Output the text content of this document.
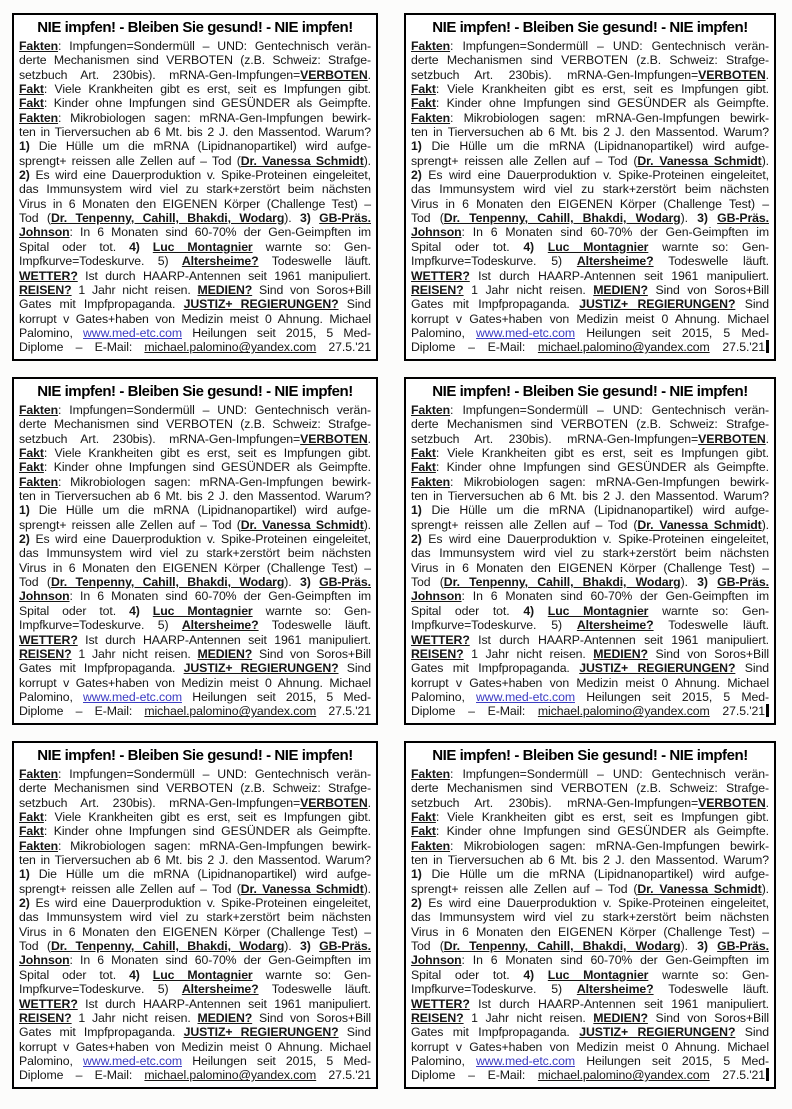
NIE impfen! - Bleiben Sie gesund! - NIE impfen!
Fakten: Impfungen=Sondermüll – UND: Gentechnisch verän-
derte Mechanismen sind VERBOTEN (z.B. Schweiz: Strafge-
setzbuch Art. 230bis). mRNA-Gen-Impfungen=VERBOTEN.
Fakt: Viele Krankheiten gibt es erst, seit es Impfungen gibt.
Fakt: Kinder ohne Impfungen sind GESÜNDER als Geimpfte.
Fakten: Mikrobiologen sagen: mRNA-Gen-Impfungen bewirk-
ten in Tierversuchen ab 6 Mt. bis 2 J. den Massentod. Warum?
1) Die Hülle um die mRNA (Lipidnanopartikel) wird aufge-
sprengt+ reissen alle Zellen auf – Tod (Dr. Vanessa Schmidt).
2) Es wird eine Dauerproduktion v. Spike-Proteinen eingeleitet,
das Immunsystem wird viel zu stark+zerstört beim nächsten
Virus in 6 Monaten den EIGENEN Körper (Challenge Test) –
Tod (Dr. Tenpenny, Cahill, Bhakdi, Wodarg). 3) GB-Präs.
Johnson: In 6 Monaten sind 60-70% der Gen-Geimpften im
Spital oder tot. 4) Luc Montagnier warnte so: Gen-
Impfkurve=Todeskurve. 5) Altersheime? Todeswelle läuft.
WETTER? Ist durch HAARP-Antennen seit 1961 manipuliert.
REISEN? 1 Jahr nicht reisen. MEDIEN? Sind von Soros+Bill
Gates mit Impfpropaganda. JUSTIZ+ REGIERUNGEN? Sind
korrupt v Gates+haben von Medizin meist 0 Ahnung. Michael
Palomino, www.med-etc.com Heilungen seit 2015, 5 Med-
Diplome – E-Mail: michael.palomino@yandex.com 27.5.'21
NIE impfen! - Bleiben Sie gesund! - NIE impfen!
Fakten: Impfungen=Sondermüll – UND: Gentechnisch verän-
derte Mechanismen sind VERBOTEN (z.B. Schweiz: Strafge-
setzbuch Art. 230bis). mRNA-Gen-Impfungen=VERBOTEN.
Fakt: Viele Krankheiten gibt es erst, seit es Impfungen gibt.
Fakt: Kinder ohne Impfungen sind GESÜNDER als Geimpfte.
Fakten: Mikrobiologen sagen: mRNA-Gen-Impfungen bewirk-
ten in Tierversuchen ab 6 Mt. bis 2 J. den Massentod. Warum?
1) Die Hülle um die mRNA (Lipidnanopartikel) wird aufge-
sprengt+ reissen alle Zellen auf – Tod (Dr. Vanessa Schmidt).
2) Es wird eine Dauerproduktion v. Spike-Proteinen eingeleitet,
das Immunsystem wird viel zu stark+zerstört beim nächsten
Virus in 6 Monaten den EIGENEN Körper (Challenge Test) –
Tod (Dr. Tenpenny, Cahill, Bhakdi, Wodarg). 3) GB-Präs.
Johnson: In 6 Monaten sind 60-70% der Gen-Geimpften im
Spital oder tot. 4) Luc Montagnier warnte so: Gen-
Impfkurve=Todeskurve. 5) Altersheime? Todeswelle läuft.
WETTER? Ist durch HAARP-Antennen seit 1961 manipuliert.
REISEN? 1 Jahr nicht reisen. MEDIEN? Sind von Soros+Bill
Gates mit Impfpropaganda. JUSTIZ+ REGIERUNGEN? Sind
korrupt v Gates+haben von Medizin meist 0 Ahnung. Michael
Palomino, www.med-etc.com Heilungen seit 2015, 5 Med-
Diplome – E-Mail: michael.palomino@yandex.com 27.5.'21
NIE impfen! - Bleiben Sie gesund! - NIE impfen!
Fakten: Impfungen=Sondermüll – UND: Gentechnisch verän-
derte Mechanismen sind VERBOTEN (z.B. Schweiz: Strafge-
setzbuch Art. 230bis). mRNA-Gen-Impfungen=VERBOTEN.
Fakt: Viele Krankheiten gibt es erst, seit es Impfungen gibt.
Fakt: Kinder ohne Impfungen sind GESÜNDER als Geimpfte.
Fakten: Mikrobiologen sagen: mRNA-Gen-Impfungen bewirk-
ten in Tierversuchen ab 6 Mt. bis 2 J. den Massentod. Warum?
1) Die Hülle um die mRNA (Lipidnanopartikel) wird aufge-
sprengt+ reissen alle Zellen auf – Tod (Dr. Vanessa Schmidt).
2) Es wird eine Dauerproduktion v. Spike-Proteinen eingeleitet,
das Immunsystem wird viel zu stark+zerstört beim nächsten
Virus in 6 Monaten den EIGENEN Körper (Challenge Test) –
Tod (Dr. Tenpenny, Cahill, Bhakdi, Wodarg). 3) GB-Präs.
Johnson: In 6 Monaten sind 60-70% der Gen-Geimpften im
Spital oder tot. 4) Luc Montagnier warnte so: Gen-
Impfkurve=Todeskurve. 5) Altersheime? Todeswelle läuft.
WETTER? Ist durch HAARP-Antennen seit 1961 manipuliert.
REISEN? 1 Jahr nicht reisen. MEDIEN? Sind von Soros+Bill
Gates mit Impfpropaganda. JUSTIZ+ REGIERUNGEN? Sind
korrupt v Gates+haben von Medizin meist 0 Ahnung. Michael
Palomino, www.med-etc.com Heilungen seit 2015, 5 Med-
Diplome – E-Mail: michael.palomino@yandex.com 27.5.'21
NIE impfen! - Bleiben Sie gesund! - NIE impfen!
Fakten: Impfungen=Sondermüll – UND: Gentechnisch verän-
derte Mechanismen sind VERBOTEN (z.B. Schweiz: Strafge-
setzbuch Art. 230bis). mRNA-Gen-Impfungen=VERBOTEN.
Fakt: Viele Krankheiten gibt es erst, seit es Impfungen gibt.
Fakt: Kinder ohne Impfungen sind GESÜNDER als Geimpfte.
Fakten: Mikrobiologen sagen: mRNA-Gen-Impfungen bewirk-
ten in Tierversuchen ab 6 Mt. bis 2 J. den Massentod. Warum?
1) Die Hülle um die mRNA (Lipidnanopartikel) wird aufge-
sprengt+ reissen alle Zellen auf – Tod (Dr. Vanessa Schmidt).
2) Es wird eine Dauerproduktion v. Spike-Proteinen eingeleitet,
das Immunsystem wird viel zu stark+zerstört beim nächsten
Virus in 6 Monaten den EIGENEN Körper (Challenge Test) –
Tod (Dr. Tenpenny, Cahill, Bhakdi, Wodarg). 3) GB-Präs.
Johnson: In 6 Monaten sind 60-70% der Gen-Geimpften im
Spital oder tot. 4) Luc Montagnier warnte so: Gen-
Impfkurve=Todeskurve. 5) Altersheime? Todeswelle läuft.
WETTER? Ist durch HAARP-Antennen seit 1961 manipuliert.
REISEN? 1 Jahr nicht reisen. MEDIEN? Sind von Soros+Bill
Gates mit Impfpropaganda. JUSTIZ+ REGIERUNGEN? Sind
korrupt v Gates+haben von Medizin meist 0 Ahnung. Michael
Palomino, www.med-etc.com Heilungen seit 2015, 5 Med-
Diplome – E-Mail: michael.palomino@yandex.com 27.5.'21
NIE impfen! - Bleiben Sie gesund! - NIE impfen!
Fakten: Impfungen=Sondermüll – UND: Gentechnisch verän-
derte Mechanismen sind VERBOTEN (z.B. Schweiz: Strafge-
setzbuch Art. 230bis). mRNA-Gen-Impfungen=VERBOTEN.
Fakt: Viele Krankheiten gibt es erst, seit es Impfungen gibt.
Fakt: Kinder ohne Impfungen sind GESÜNDER als Geimpfte.
Fakten: Mikrobiologen sagen: mRNA-Gen-Impfungen bewirk-
ten in Tierversuchen ab 6 Mt. bis 2 J. den Massentod. Warum?
1) Die Hülle um die mRNA (Lipidnanopartikel) wird aufge-
sprengt+ reissen alle Zellen auf – Tod (Dr. Vanessa Schmidt).
2) Es wird eine Dauerproduktion v. Spike-Proteinen eingeleitet,
das Immunsystem wird viel zu stark+zerstört beim nächsten
Virus in 6 Monaten den EIGENEN Körper (Challenge Test) –
Tod (Dr. Tenpenny, Cahill, Bhakdi, Wodarg). 3) GB-Präs.
Johnson: In 6 Monaten sind 60-70% der Gen-Geimpften im
Spital oder tot. 4) Luc Montagnier warnte so: Gen-
Impfkurve=Todeskurve. 5) Altersheime? Todeswelle läuft.
WETTER? Ist durch HAARP-Antennen seit 1961 manipuliert.
REISEN? 1 Jahr nicht reisen. MEDIEN? Sind von Soros+Bill
Gates mit Impfpropaganda. JUSTIZ+ REGIERUNGEN? Sind
korrupt v Gates+haben von Medizin meist 0 Ahnung. Michael
Palomino, www.med-etc.com Heilungen seit 2015, 5 Med-
Diplome – E-Mail: michael.palomino@yandex.com 27.5.'21
NIE impfen! - Bleiben Sie gesund! - NIE impfen!
Fakten: Impfungen=Sondermüll – UND: Gentechnisch verän-
derte Mechanismen sind VERBOTEN (z.B. Schweiz: Strafge-
setzbuch Art. 230bis). mRNA-Gen-Impfungen=VERBOTEN.
Fakt: Viele Krankheiten gibt es erst, seit es Impfungen gibt.
Fakt: Kinder ohne Impfungen sind GESÜNDER als Geimpfte.
Fakten: Mikrobiologen sagen: mRNA-Gen-Impfungen bewirk-
ten in Tierversuchen ab 6 Mt. bis 2 J. den Massentod. Warum?
1) Die Hülle um die mRNA (Lipidnanopartikel) wird aufge-
sprengt+ reissen alle Zellen auf – Tod (Dr. Vanessa Schmidt).
2) Es wird eine Dauerproduktion v. Spike-Proteinen eingeleitet,
das Immunsystem wird viel zu stark+zerstört beim nächsten
Virus in 6 Monaten den EIGENEN Körper (Challenge Test) –
Tod (Dr. Tenpenny, Cahill, Bhakdi, Wodarg). 3) GB-Präs.
Johnson: In 6 Monaten sind 60-70% der Gen-Geimpften im
Spital oder tot. 4) Luc Montagnier warnte so: Gen-
Impfkurve=Todeskurve. 5) Altersheime? Todeswelle läuft.
WETTER? Ist durch HAARP-Antennen seit 1961 manipuliert.
REISEN? 1 Jahr nicht reisen. MEDIEN? Sind von Soros+Bill
Gates mit Impfpropaganda. JUSTIZ+ REGIERUNGEN? Sind
korrupt v Gates+haben von Medizin meist 0 Ahnung. Michael
Palomino, www.med-etc.com Heilungen seit 2015, 5 Med-
Diplome – E-Mail: michael.palomino@yandex.com 27.5.'21
